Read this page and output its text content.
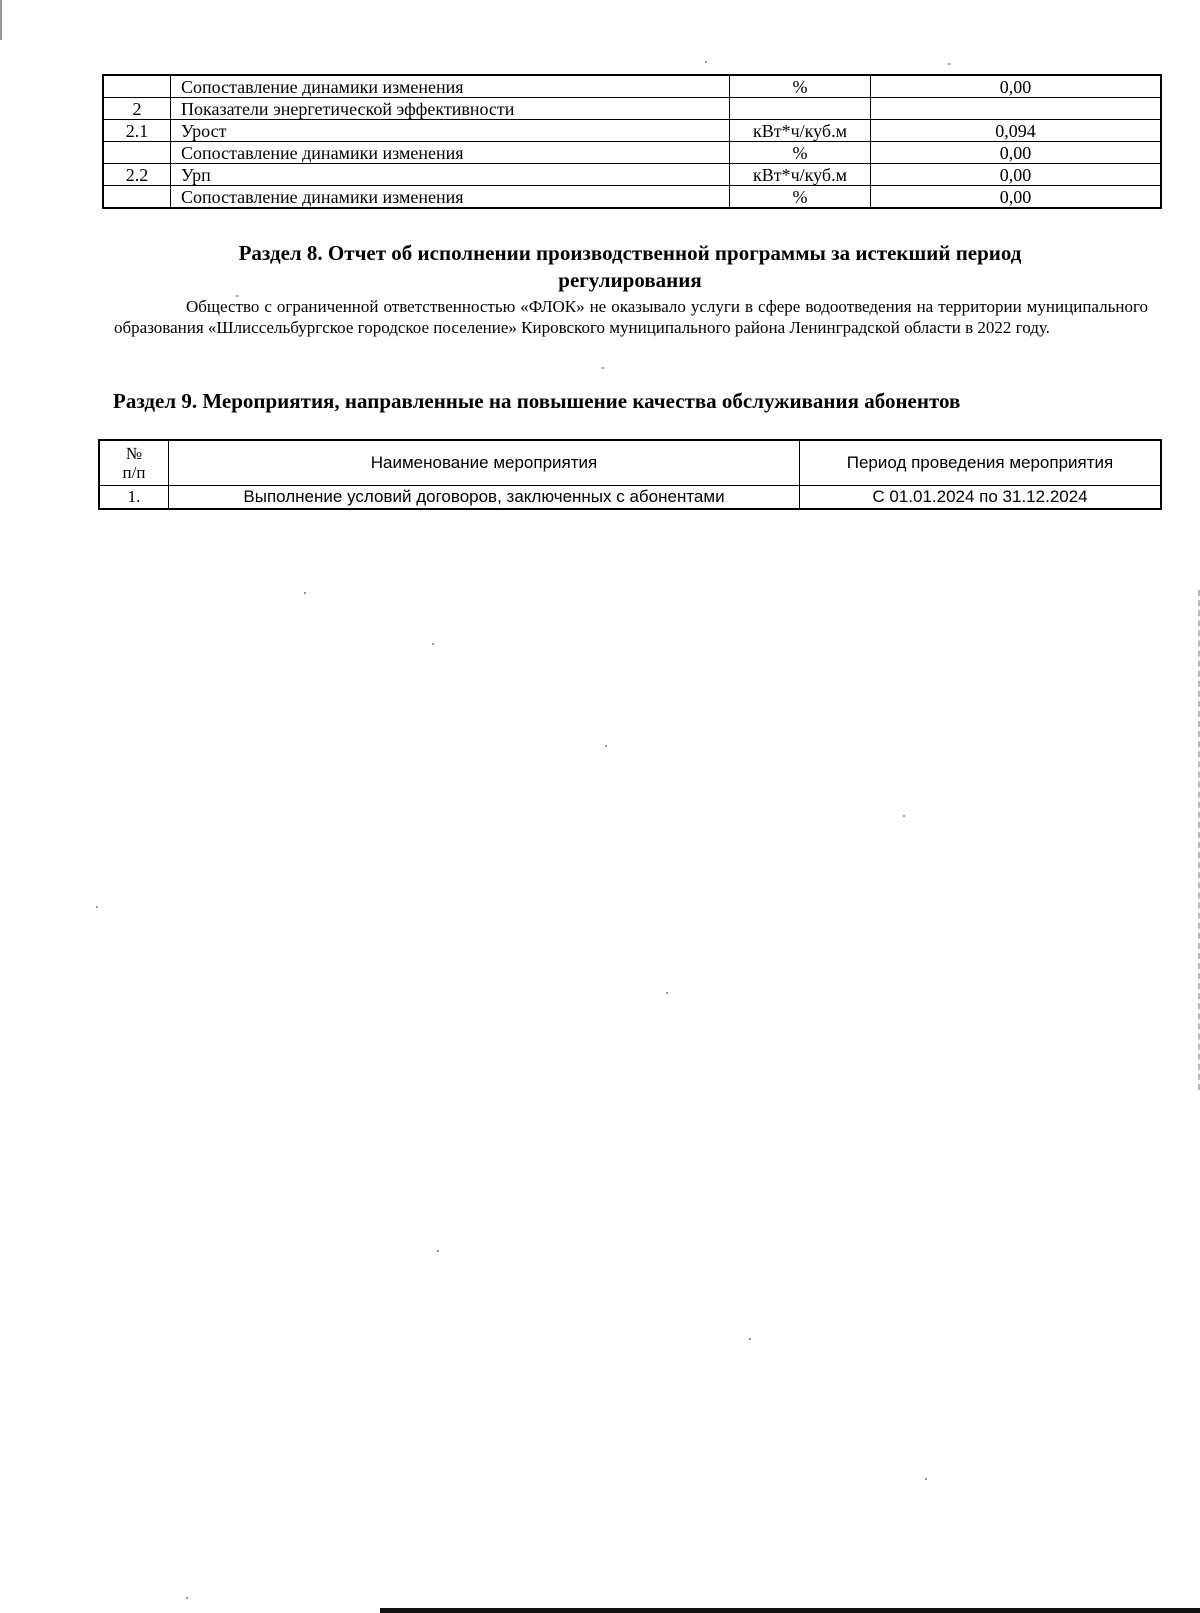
	Сопоставление динамики изменения	%	0,00
2	Показатели энергетической эффективности		
2.1	Урост	кВт*ч/куб.м	0,094
	Сопоставление динамики изменения	%	0,00
2.2	Урп	кВт*ч/куб.м	0,00
	Сопоставление динамики изменения	%	0,00
Раздел 8. Отчет об исполнении производственной программы за истекший период
регулирования

Общество с ограниченной ответственностью «ФЛОК» не оказывало услуги в сфере водоотведения на территории муниципального образования «Шлиссельбургское городское поселение» Кировского муниципального района Ленинградской области в 2022 году.

Раздел 9. Мероприятия, направленные на повышение качества обслуживания абонентов
№
п/п	Наименование мероприятия	Период проведения мероприятия
1.	Выполнение условий договоров, заключенных с абонентами	С 01.01.2024 по 31.12.2024
